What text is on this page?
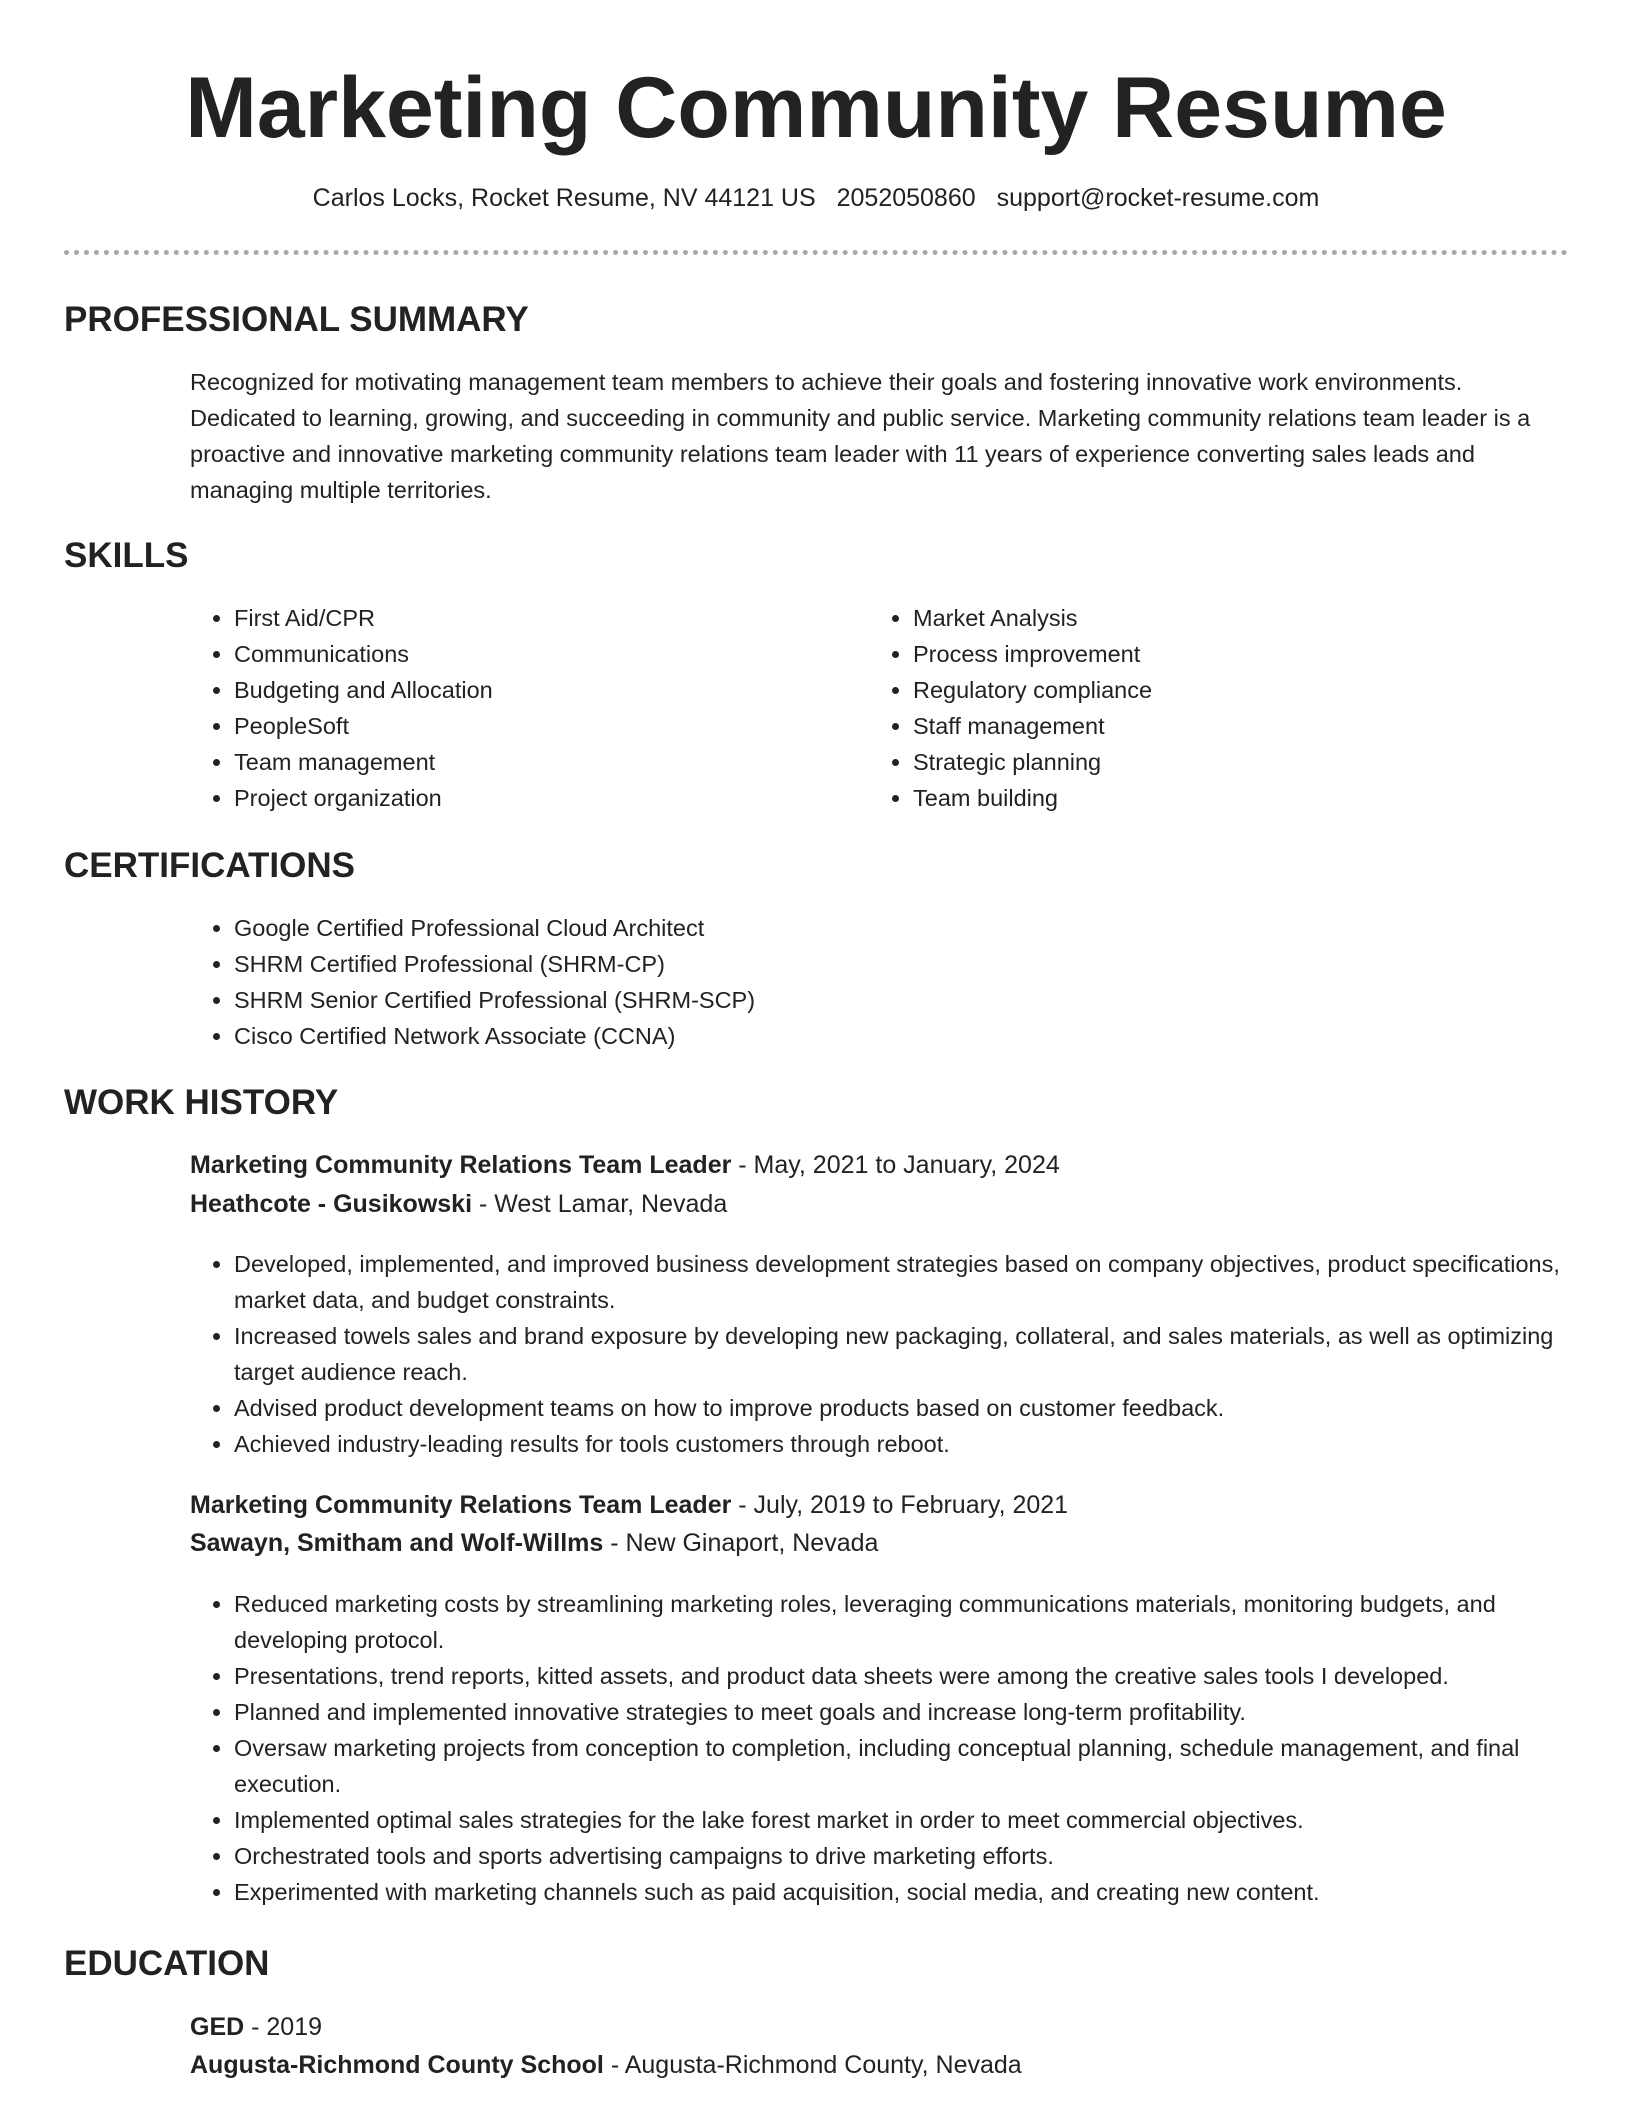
Marketing Community Resume
Carlos Locks, Rocket Resume, NV 44121 US 2052050860 support@rocket-resume.com
PROFESSIONAL SUMMARY

Recognized for motivating management team members to achieve their goals and fostering innovative work environments. Dedicated to learning, growing, and succeeding in community and public service. Marketing community relations team leader is a proactive and innovative marketing community relations team leader with 11 years of experience converting sales leads and managing multiple territories.

SKILLS
• First Aid/CPR
• Communications
• Budgeting and Allocation
• PeopleSoft
• Team management
• Project organization
• Market Analysis
• Process improvement
• Regulatory compliance
• Staff management
• Strategic planning
• Team building
CERTIFICATIONS
• Google Certified Professional Cloud Architect
• SHRM Certified Professional (SHRM-CP)
• SHRM Senior Certified Professional (SHRM-SCP)
• Cisco Certified Network Associate (CCNA)
WORK HISTORY
Marketing Community Relations Team Leader - May, 2021 to January, 2024
Heathcote - Gusikowski - West Lamar, Nevada
• Developed, implemented, and improved business development strategies based on company objectives, product specifications, market data, and budget constraints.
• Increased towels sales and brand exposure by developing new packaging, collateral, and sales materials, as well as optimizing target audience reach.
• Advised product development teams on how to improve products based on customer feedback.
• Achieved industry-leading results for tools customers through reboot.
Marketing Community Relations Team Leader - July, 2019 to February, 2021
Sawayn, Smitham and Wolf-Willms - New Ginaport, Nevada
• Reduced marketing costs by streamlining marketing roles, leveraging communications materials, monitoring budgets, and developing protocol.
• Presentations, trend reports, kitted assets, and product data sheets were among the creative sales tools I developed.
• Planned and implemented innovative strategies to meet goals and increase long-term profitability.
• Oversaw marketing projects from conception to completion, including conceptual planning, schedule management, and final execution.
• Implemented optimal sales strategies for the lake forest market in order to meet commercial objectives.
• Orchestrated tools and sports advertising campaigns to drive marketing efforts.
• Experimented with marketing channels such as paid acquisition, social media, and creating new content.
EDUCATION
GED - 2019
Augusta-Richmond County School - Augusta-Richmond County, Nevada
